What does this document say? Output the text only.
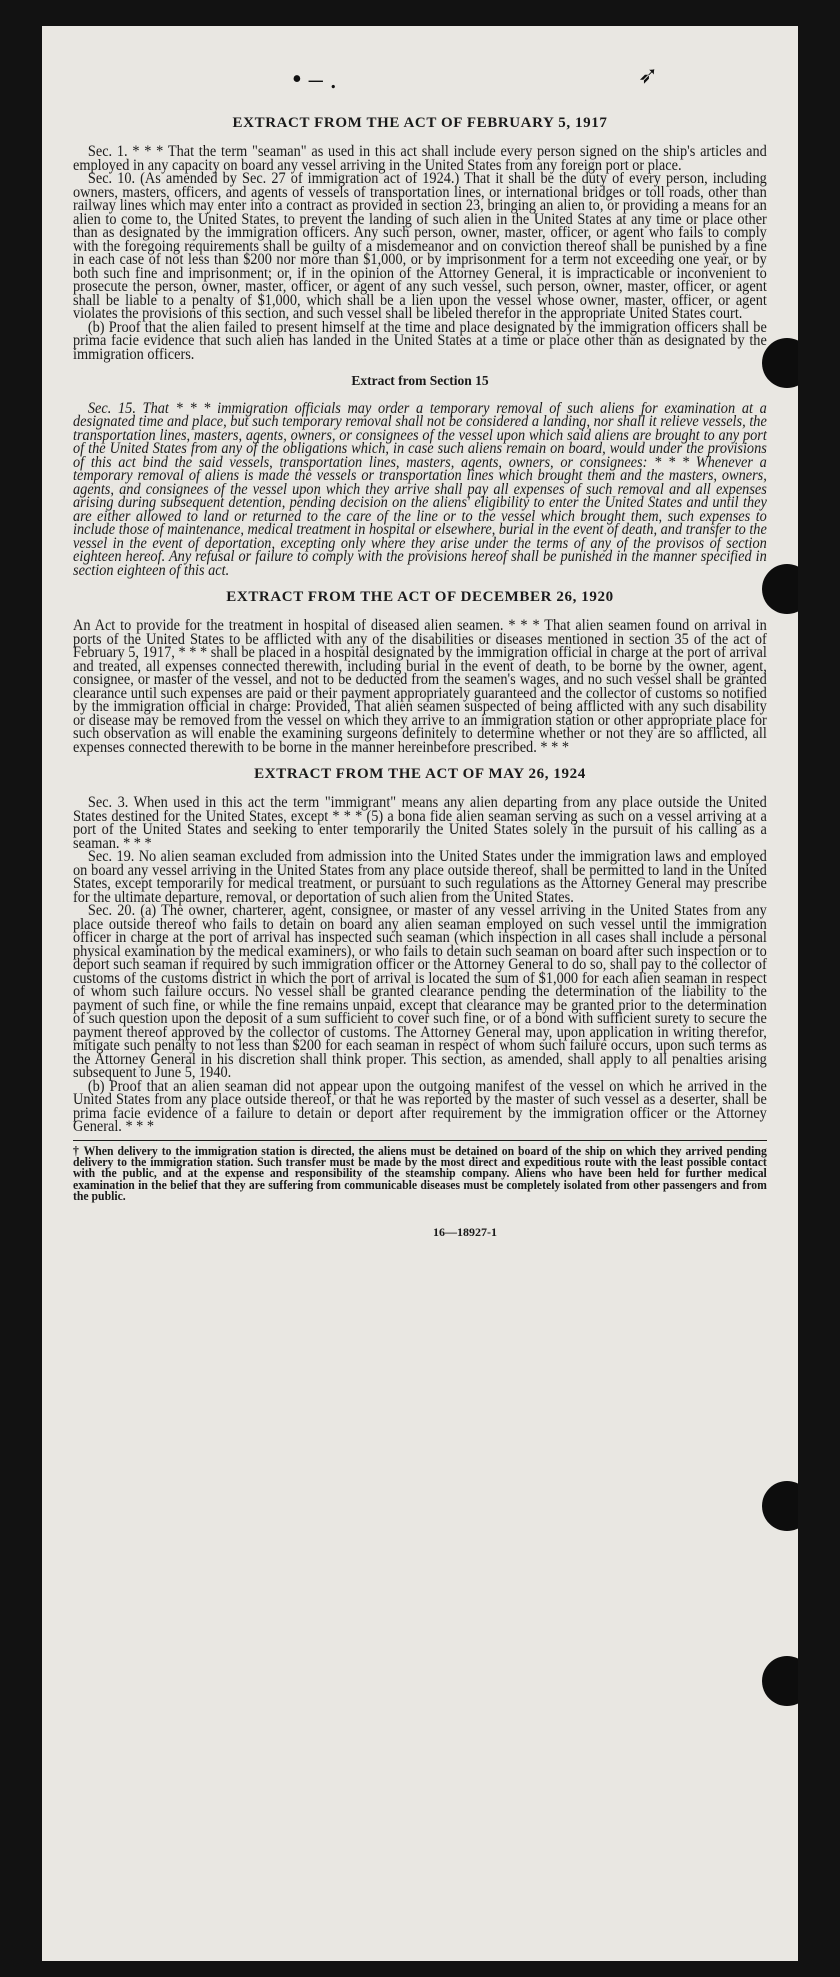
• ‒ .	➶
EXTRACT FROM THE ACT OF FEBRUARY 5, 1917

Sec. 1. * * * That the term "seaman" as used in this act shall include every person signed on the ship's articles and employed in any capacity on board any vessel arriving in the United States from any foreign port or place.

Sec. 10. (As amended by Sec. 27 of immigration act of 1924.) That it shall be the duty of every person, including owners, masters, officers, and agents of vessels of transportation lines, or international bridges or toll roads, other than railway lines which may enter into a contract as provided in section 23, bringing an alien to, or providing a means for an alien to come to, the United States, to prevent the landing of such alien in the United States at any time or place other than as designated by the immigration officers. Any such person, owner, master, officer, or agent who fails to comply with the foregoing requirements shall be guilty of a misdemeanor and on conviction thereof shall be punished by a fine in each case of not less than $200 nor more than $1,000, or by imprisonment for a term not exceeding one year, or by both such fine and imprisonment; or, if in the opinion of the Attorney General, it is impracticable or inconvenient to prosecute the person, owner, master, officer, or agent of any such vessel, such person, owner, master, officer, or agent shall be liable to a penalty of $1,000, which shall be a lien upon the vessel whose owner, master, officer, or agent violates the provisions of this section, and such vessel shall be libeled therefor in the appropriate United States court.

(b) Proof that the alien failed to present himself at the time and place designated by the immigration officers shall be prima facie evidence that such alien has landed in the United States at a time or place other than as designated by the immigration officers.

Extract from Section 15

Sec. 15. That * * * immigration officials may order a temporary removal of such aliens for examination at a designated time and place, but such temporary removal shall not be considered a landing, nor shall it relieve vessels, the transportation lines, masters, agents, owners, or consignees of the vessel upon which said aliens are brought to any port of the United States from any of the obligations which, in case such aliens remain on board, would under the provisions of this act bind the said vessels, transportation lines, masters, agents, owners, or consignees: * * * Whenever a temporary removal of aliens is made the vessels or transportation lines which brought them and the masters, owners, agents, and consignees of the vessel upon which they arrive shall pay all expenses of such removal and all expenses arising during subsequent detention, pending decision on the aliens' eligibility to enter the United States and until they are either allowed to land or returned to the care of the line or to the vessel which brought them, such expenses to include those of maintenance, medical treatment in hospital or elsewhere, burial in the event of death, and transfer to the vessel in the event of deportation, excepting only where they arise under the terms of any of the provisos of section eighteen hereof. Any refusal or failure to comply with the provisions hereof shall be punished in the manner specified in section eighteen of this act.

EXTRACT FROM THE ACT OF DECEMBER 26, 1920

An Act to provide for the treatment in hospital of diseased alien seamen. * * * That alien seamen found on arrival in ports of the United States to be afflicted with any of the disabilities or diseases mentioned in section 35 of the act of February 5, 1917, * * * shall be placed in a hospital designated by the immigration official in charge at the port of arrival and treated, all expenses connected therewith, including burial in the event of death, to be borne by the owner, agent, consignee, or master of the vessel, and not to be deducted from the seamen's wages, and no such vessel shall be granted clearance until such expenses are paid or their payment appropriately guaranteed and the collector of customs so notified by the immigration official in charge: Provided, That alien seamen suspected of being afflicted with any such disability or disease may be removed from the vessel on which they arrive to an immigration station or other appropriate place for such observation as will enable the examining surgeons definitely to determine whether or not they are so afflicted, all expenses connected therewith to be borne in the manner hereinbefore prescribed. * * *

EXTRACT FROM THE ACT OF MAY 26, 1924

Sec. 3. When used in this act the term "immigrant" means any alien departing from any place outside the United States destined for the United States, except * * * (5) a bona fide alien seaman serving as such on a vessel arriving at a port of the United States and seeking to enter temporarily the United States solely in the pursuit of his calling as a seaman. * * *

Sec. 19. No alien seaman excluded from admission into the United States under the immigration laws and employed on board any vessel arriving in the United States from any place outside thereof, shall be permitted to land in the United States, except temporarily for medical treatment, or pursuant to such regulations as the Attorney General may prescribe for the ultimate departure, removal, or deportation of such alien from the United States.

Sec. 20. (a) The owner, charterer, agent, consignee, or master of any vessel arriving in the United States from any place outside thereof who fails to detain on board any alien seaman employed on such vessel until the immigration officer in charge at the port of arrival has inspected such seaman (which inspection in all cases shall include a personal physical examination by the medical examiners), or who fails to detain such seaman on board after such inspection or to deport such seaman if required by such immigration officer or the Attorney General to do so, shall pay to the collector of customs of the customs district in which the port of arrival is located the sum of $1,000 for each alien seaman in respect of whom such failure occurs. No vessel shall be granted clearance pending the determination of the liability to the payment of such fine, or while the fine remains unpaid, except that clearance may be granted prior to the determination of such question upon the deposit of a sum sufficient to cover such fine, or of a bond with sufficient surety to secure the payment thereof approved by the collector of customs. The Attorney General may, upon application in writing therefor, mitigate such penalty to not less than $200 for each seaman in respect of whom such failure occurs, upon such terms as the Attorney General in his discretion shall think proper. This section, as amended, shall apply to all penalties arising subsequent to June 5, 1940.

(b) Proof that an alien seaman did not appear upon the outgoing manifest of the vessel on which he arrived in the United States from any place outside thereof, or that he was reported by the master of such vessel as a deserter, shall be prima facie evidence of a failure to detain or deport after requirement by the immigration officer or the Attorney General. * * *

† When delivery to the immigration station is directed, the aliens must be detained on board of the ship on which they arrived pending delivery to the immigration station. Such transfer must be made by the most direct and expeditious route with the least possible contact with the public, and at the expense and responsibility of the steamship company. Aliens who have been held for further medical examination in the belief that they are suffering from communicable diseases must be completely isolated from other passengers and from the public.
16—18927-1
